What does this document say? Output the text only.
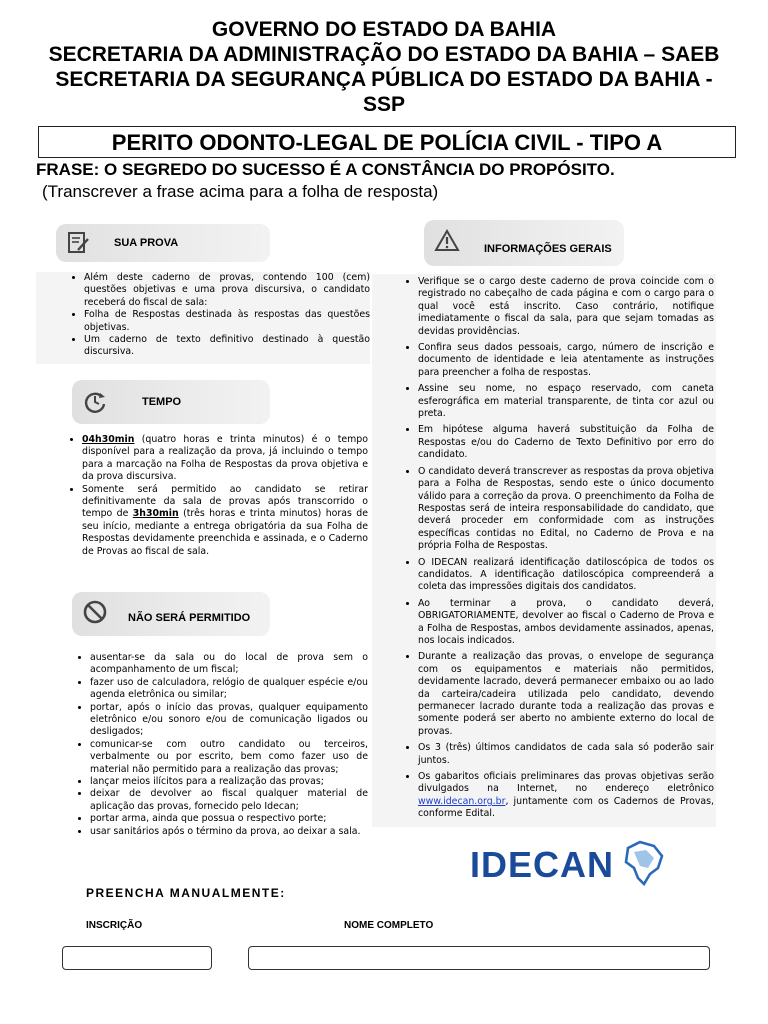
GOVERNO DO ESTADO DA BAHIA
SECRETARIA DA ADMINISTRAÇÃO DO ESTADO DA BAHIA – SAEB
SECRETARIA DA SEGURANÇA PÚBLICA DO ESTADO DA BAHIA -
SSP
PERITO ODONTO-LEGAL DE POLÍCIA CIVIL - TIPO A
FRASE: O SEGREDO DO SUCESSO É A CONSTÂNCIA DO PROPÓSITO.
(Transcrever a frase acima para a folha de resposta)
SUA PROVA
• Além deste caderno de provas, contendo 100 (cem) questões objetivas e uma prova discursiva, o candidato receberá do fiscal de sala:
• Folha de Respostas destinada às respostas das questões objetivas.
• Um caderno de texto definitivo destinado à questão discursiva.
TEMPO
• 04h30min (quatro horas e trinta minutos) é o tempo disponível para a realização da prova, já incluindo o tempo para a marcação na Folha de Respostas da prova objetiva e da prova discursiva.
• Somente será permitido ao candidato se retirar definitivamente da sala de provas após transcorrido o tempo de 3h30min (três horas e trinta minutos) horas de seu início, mediante a entrega obrigatória da sua Folha de Respostas devidamente preenchida e assinada, e o Caderno de Provas ao fiscal de sala.
NÃO SERÁ PERMITIDO
• ausentar-se da sala ou do local de prova sem o acompanhamento de um fiscal;
• fazer uso de calculadora, relógio de qualquer espécie e/ou agenda eletrônica ou similar;
• portar, após o início das provas, qualquer equipamento eletrônico e/ou sonoro e/ou de comunicação ligados ou desligados;
• comunicar-se com outro candidato ou terceiros, verbalmente ou por escrito, bem como fazer uso de material não permitido para a realização das provas;
• lançar meios ilícitos para a realização das provas;
• deixar de devolver ao fiscal qualquer material de aplicação das provas, fornecido pelo Idecan;
• portar arma, ainda que possua o respectivo porte;
• usar sanitários após o término da prova, ao deixar a sala.
INFORMAÇÕES GERAIS
• Verifique se o cargo deste caderno de prova coincide com o registrado no cabeçalho de cada página e com o cargo para o qual você está inscrito. Caso contrário, notifique imediatamente o fiscal da sala, para que sejam tomadas as devidas providências.
• Confira seus dados pessoais, cargo, número de inscrição e documento de identidade e leia atentamente as instruções para preencher a folha de respostas.
• Assine seu nome, no espaço reservado, com caneta esferográfica em material transparente, de tinta cor azul ou preta.
• Em hipótese alguma haverá substituição da Folha de Respostas e/ou do Caderno de Texto Definitivo por erro do candidato.
• O candidato deverá transcrever as respostas da prova objetiva para a Folha de Respostas, sendo este o único documento válido para a correção da prova. O preenchimento da Folha de Respostas será de inteira responsabilidade do candidato, que deverá proceder em conformidade com as instruções específicas contidas no Edital, no Caderno de Prova e na própria Folha de Respostas.
• O IDECAN realizará identificação datiloscópica de todos os candidatos. A identificação datiloscópica compreenderá a coleta das impressões digitais dos candidatos.
• Ao terminar a prova, o candidato deverá, OBRIGATORIAMENTE, devolver ao fiscal o Caderno de Prova e a Folha de Respostas, ambos devidamente assinados, apenas, nos locais indicados.
• Durante a realização das provas, o envelope de segurança com os equipamentos e materiais não permitidos, devidamente lacrado, deverá permanecer embaixo ou ao lado da carteira/cadeira utilizada pelo candidato, devendo permanecer lacrado durante toda a realização das provas e somente poderá ser aberto no ambiente externo do local de provas.
• Os 3 (três) últimos candidatos de cada sala só poderão sair juntos.
• Os gabaritos oficiais preliminares das provas objetivas serão divulgados na Internet, no endereço eletrônico www.idecan.org.br, juntamente com os Cadernos de Provas, conforme Edital.
IDECAN
PREENCHA MANUALMENTE:
INSCRIÇÃO	NOME COMPLETO
